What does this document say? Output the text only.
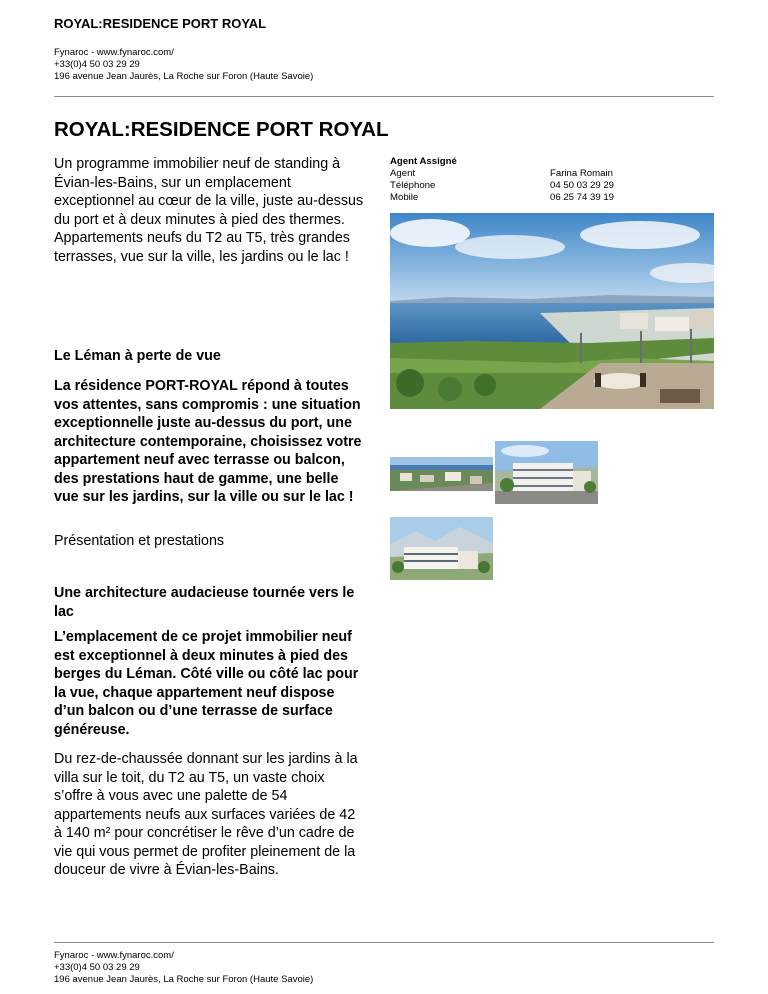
ROYAL:RESIDENCE PORT ROYAL
Fynaroc - www.fynaroc.com/
+33(0)4 50 03 29 29
196 avenue Jean Jaurès, La Roche sur Foron (Haute Savoie)
ROYAL:RESIDENCE PORT ROYAL
Un programme immobilier neuf de standing à Évian-les-Bains, sur un emplacement exceptionnel au cœur de la ville, juste au-dessus du port et à deux minutes à pied des thermes. Appartements neufs du T2 au T5, très grandes terrasses, vue sur la ville, les jardins ou le lac !
Le Léman à perte de vue
La résidence PORT-ROYAL répond à toutes vos attentes, sans compromis : une situation exceptionnelle juste au-dessus du port, une architecture contemporaine, choisissez votre appartement neuf avec terrasse ou balcon, des prestations haut de gamme, une belle vue sur les jardins, sur la ville ou sur le lac !
Présentation et prestations
Une architecture audacieuse tournée vers le lac
L’emplacement de ce projet immobilier neuf est exceptionnel à deux minutes à pied des berges du Léman. Côté ville ou côté lac pour la vue, chaque appartement neuf dispose d’un balcon ou d’une terrasse de surface généreuse.
Du rez-de-chaussée donnant sur les jardins à la villa sur le toit, du T2 au T5, un vaste choix s’offre à vous avec une palette de 54 appartements neufs aux surfaces variées de 42 à 140 m² pour concrétiser le rêve d’un cadre de vie qui vous permet de profiter pleinement de la douceur de vivre à Évian-les-Bains.
Agent Assigné
Agent
Téléphone
Mobile
Farina Romain
04 50 03 29 29
06 25 74 39 19
Fynaroc - www.fynaroc.com/
+33(0)4 50 03 29 29
196 avenue Jean Jaurès, La Roche sur Foron (Haute Savoie)
